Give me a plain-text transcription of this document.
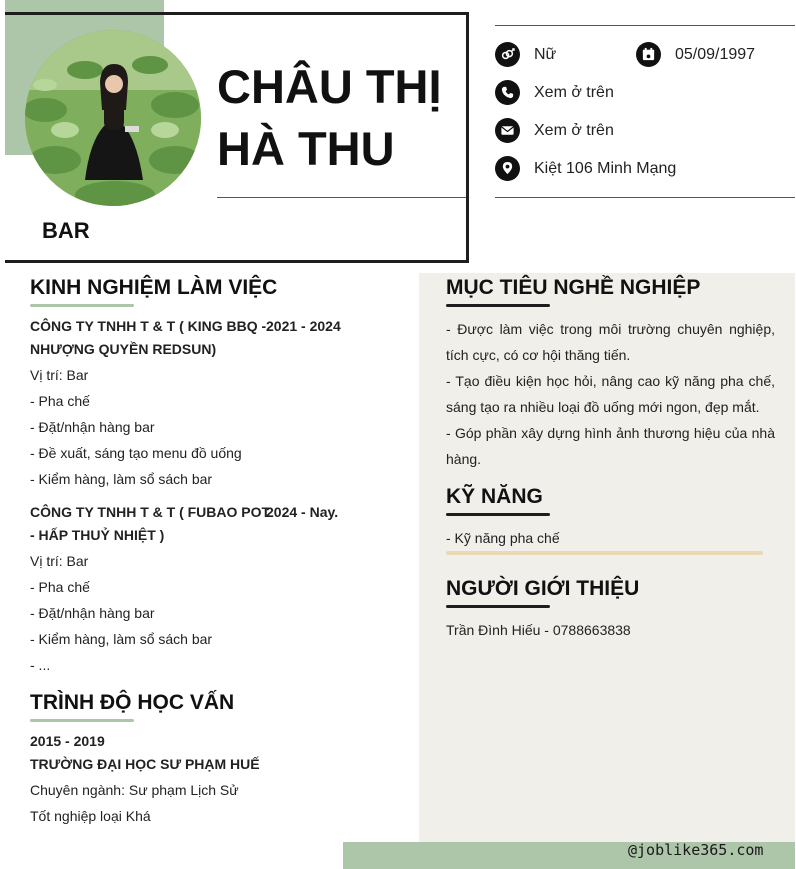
CHÂU THỊ
HÀ THU
BAR
Nữ	05/09/1997
Xem ở trên
Xem ở trên
Kiệt 106 Minh Mạng
KINH NGHIỆM LÀM VIỆC
CÔNG TY TNHH T & T ( KING BBQ -
NHƯỢNG QUYỀN REDSUN)
2021 - 2024
Vị trí: Bar
- Pha chế
- Đặt/nhận hàng bar
- Đề xuất, sáng tạo menu đồ uống
- Kiểm hàng, làm sổ sách bar
CÔNG TY TNHH T & T ( FUBAO POT
- HẤP THUỶ NHIỆT )
2024 - Nay.
Vị trí: Bar
- Pha chế
- Đặt/nhận hàng bar
- Kiểm hàng, làm sổ sách bar
- ...
TRÌNH ĐỘ HỌC VẤN
2015 - 2019
TRƯỜNG ĐẠI HỌC SƯ PHẠM HUẾ
Chuyên ngành: Sư phạm Lịch Sử
Tốt nghiệp loại Khá
MỤC TIÊU NGHỀ NGHIỆP
- Được làm việc trong môi trường chuyên nghiệp, tích cực, có cơ hội thăng tiến.
- Tạo điều kiện học hỏi, nâng cao kỹ năng pha chế, sáng tạo ra nhiều loại đồ uống mới ngon, đẹp mắt.
- Góp phần xây dựng hình ảnh thương hiệu của nhà hàng.
KỸ NĂNG
- Kỹ năng pha chế
NGƯỜI GIỚI THIỆU
Trần Đình Hiếu - 0788663838
@joblike365.com
